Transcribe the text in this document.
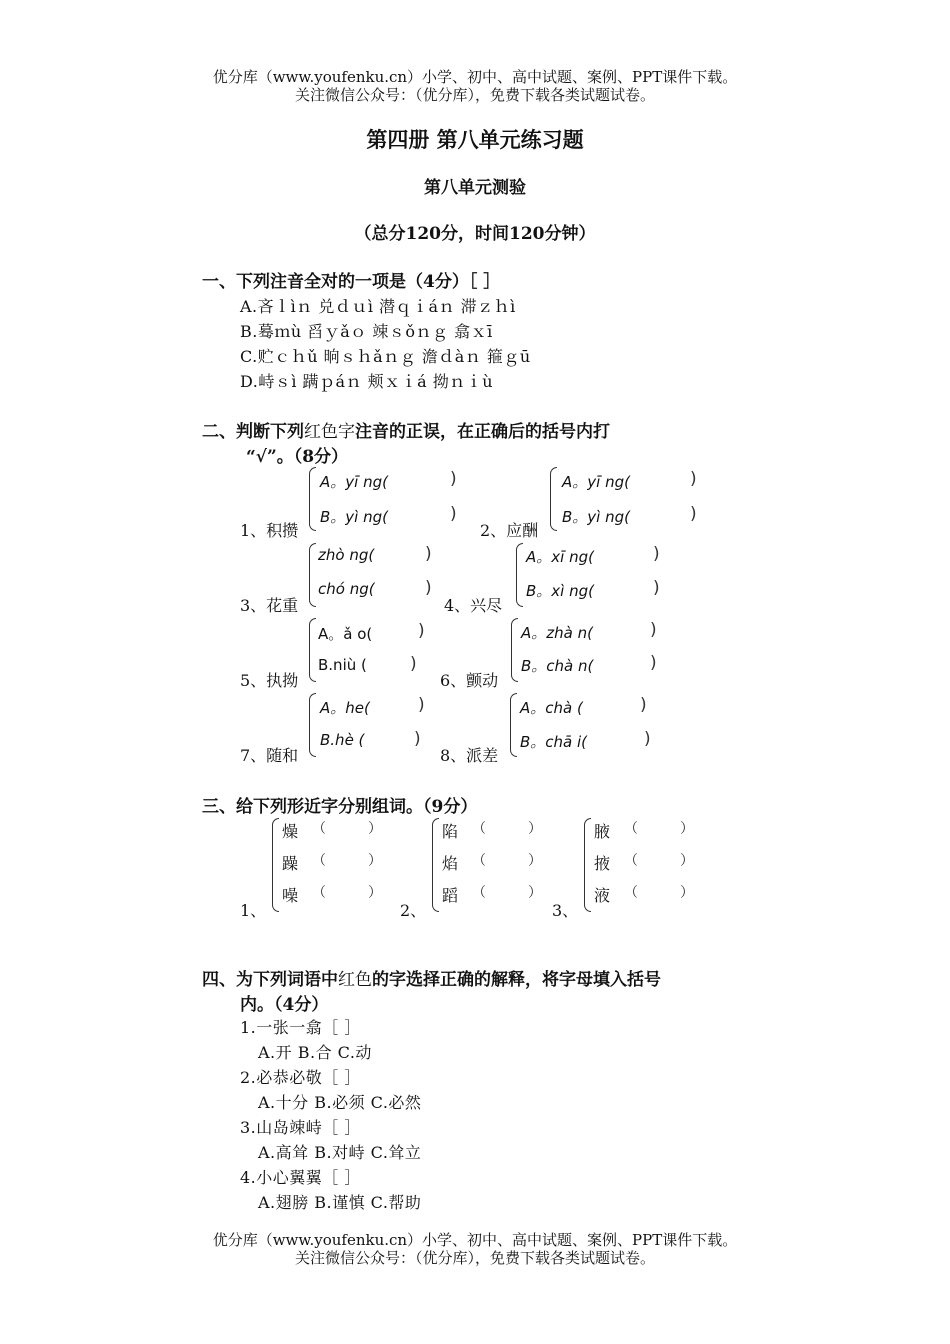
优分库（www.youfenku.cn）小学、初中、高中试题、案例、PPT课件下载。
关注微信公众号：（优分库），免费下载各类试题试卷。
第四册 第八单元练习题
第八单元测验
（总分120分，时间120分钟）
一、下列注音全对的一项是（4分）［ ］
A.吝ｌìｎ 兑ｄｕì 潜ｑｉáｎ 滞ｚｈì
B.蓦ｍù 舀ｙǎｏ 竦ｓǒｎｇ 翕ｘī
C.贮ｃｈǔ 晌ｓｈǎｎｇ 澹ｄàｎ 箍ｇū
D.峙ｓì 蹒ｐáｎ 颊ｘｉá 拗ｎｉù
二、判断下列红色字注音的正误，在正确后的括号内打
“√”。（8分）
1、积攒
A。yī ng(	)
B。yì ng(	)
2、应酬
A。yī ng(	)
B。yì ng(	)
3、花重
zhò ng(	)
chó ng(	)
4、兴尽
A。xī ng(	)
B。xì ng(	)
5、执拗
A。ǎ o(	)
B.niù (	)
6、颤动
A。zhà n(	)
B。chà n(	)
7、随和
A。he(	)
B.hè (	)
8、派差
A。chà (	)
B。chā i(	)
三、给下列形近字分别组词。（9分）
1、
燥 （	）
躁 （	）
噪 （	）
2、
陷 （	）
焰 （	）
蹈 （	）
3、
腋 （	）
掖 （	）
液 （	）
四、为下列词语中红色的字选择正确的解释，将字母填入括号
内。（4分）
1.一张一翕［ ］
A.开 B.合 C.动
2.必恭必敬［ ］
A.十分 B.必须 C.必然
3.山岛竦峙［ ］
A.高耸 B.对峙 C.耸立
4.小心翼翼［ ］
A.翅膀 B.谨慎 C.帮助
优分库（www.youfenku.cn）小学、初中、高中试题、案例、PPT课件下载。
关注微信公众号：（优分库），免费下载各类试题试卷。
